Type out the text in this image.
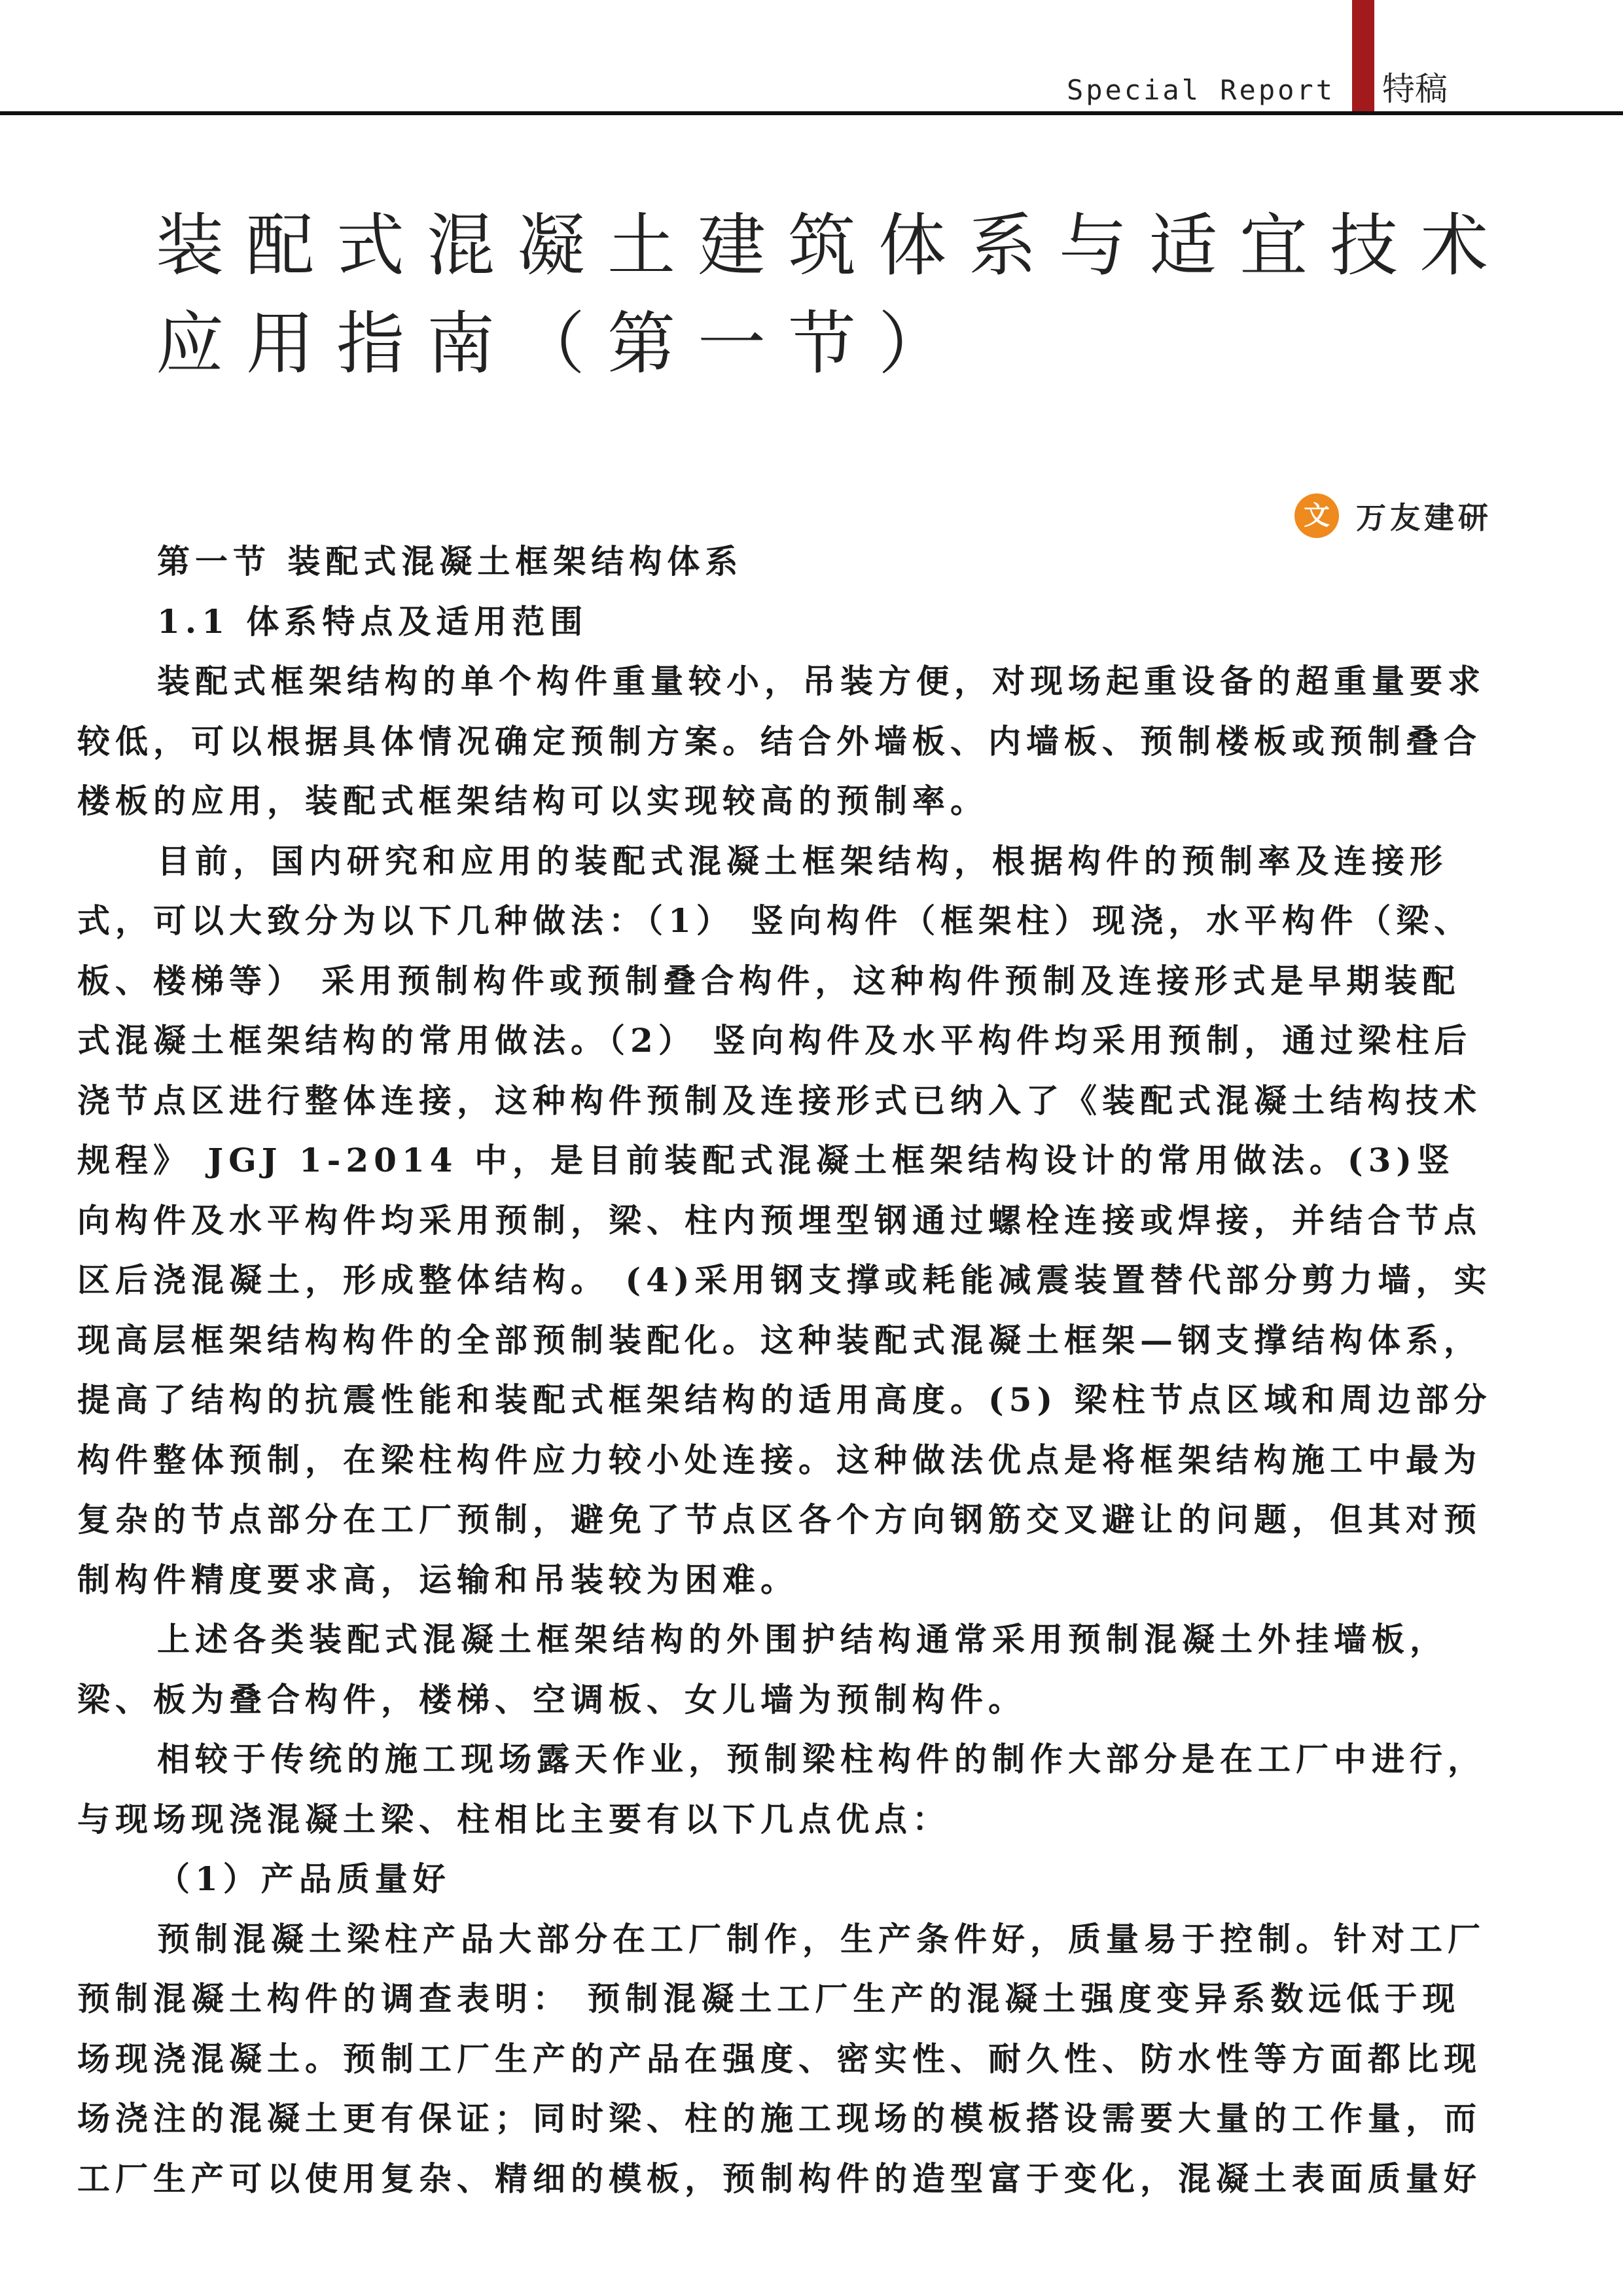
Special Report 特稿
装配式混凝土建筑体系与适宜技术
应用指南（第一节）
文 万友建研
第一节 装配式混凝土框架结构体系
1.1 体系特点及适用范围
装配式框架结构的单个构件重量较小，吊装方便，对现场起重设备的超重量要求
较低，可以根据具体情况确定预制方案。结合外墙板、内墙板、预制楼板或预制叠合
楼板的应用，装配式框架结构可以实现较高的预制率。
目前，国内研究和应用的装配式混凝土框架结构，根据构件的预制率及连接形
式，可以大致分为以下几种做法：（1） 竖向构件（框架柱）现浇，水平构件（梁、
板、楼梯等） 采用预制构件或预制叠合构件，这种构件预制及连接形式是早期装配
式混凝土框架结构的常用做法。（2） 竖向构件及水平构件均采用预制，通过梁柱后
浇节点区进行整体连接，这种构件预制及连接形式已纳入了《装配式混凝土结构技术
规程》 JGJ 1-2014 中，是目前装配式混凝土框架结构设计的常用做法。(3)竖
向构件及水平构件均采用预制，梁、柱内预埋型钢通过螺栓连接或焊接，并结合节点
区后浇混凝土，形成整体结构。 (4)采用钢支撑或耗能减震装置替代部分剪力墙，实
现高层框架结构构件的全部预制装配化。这种装配式混凝土框架—钢支撑结构体系，
提高了结构的抗震性能和装配式框架结构的适用高度。(5) 梁柱节点区域和周边部分
构件整体预制，在梁柱构件应力较小处连接。这种做法优点是将框架结构施工中最为
复杂的节点部分在工厂预制，避免了节点区各个方向钢筋交叉避让的问题，但其对预
制构件精度要求高，运输和吊装较为困难。
上述各类装配式混凝土框架结构的外围护结构通常采用预制混凝土外挂墙板，
梁、板为叠合构件，楼梯、空调板、女儿墙为预制构件。
相较于传统的施工现场露天作业，预制梁柱构件的制作大部分是在工厂中进行，
与现场现浇混凝土梁、柱相比主要有以下几点优点：
（1）产品质量好
预制混凝土梁柱产品大部分在工厂制作，生产条件好，质量易于控制。针对工厂
预制混凝土构件的调查表明： 预制混凝土工厂生产的混凝土强度变异系数远低于现
场现浇混凝土。预制工厂生产的产品在强度、密实性、耐久性、防水性等方面都比现
场浇注的混凝土更有保证；同时梁、柱的施工现场的模板搭设需要大量的工作量，而
工厂生产可以使用复杂、精细的模板，预制构件的造型富于变化，混凝土表面质量好
